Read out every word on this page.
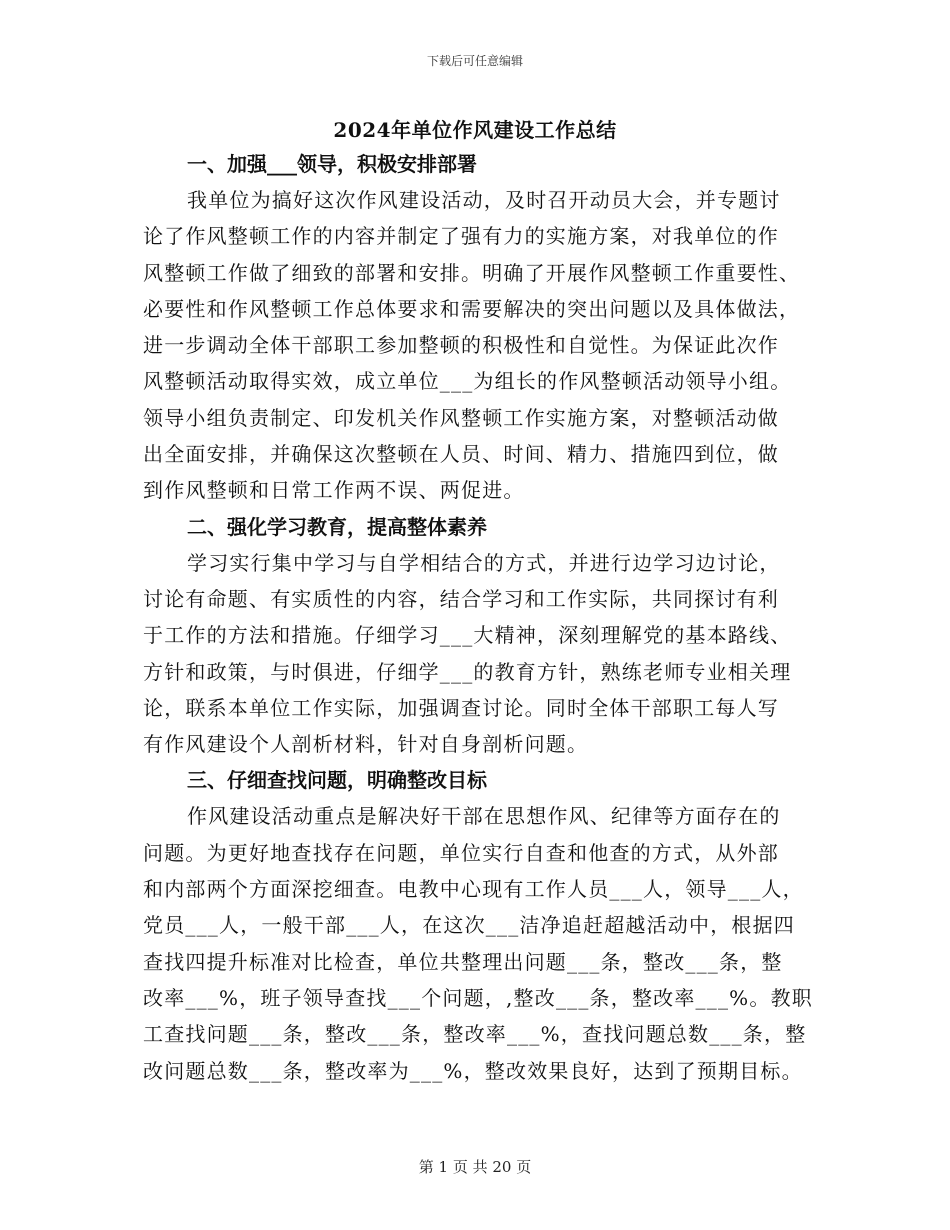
下载后可任意编辑
2024年单位作风建设工作总结
一、加强___领导，积极安排部署
我单位为搞好这次作风建设活动，及时召开动员大会，并专题讨
论了作风整顿工作的内容并制定了强有力的实施方案，对我单位的作
风整顿工作做了细致的部署和安排。明确了开展作风整顿工作重要性、
必要性和作风整顿工作总体要求和需要解决的突出问题以及具体做法，
进一步调动全体干部职工参加整顿的积极性和自觉性。为保证此次作
风整顿活动取得实效，成立单位___为组长的作风整顿活动领导小组。
领导小组负责制定、印发机关作风整顿工作实施方案，对整顿活动做
出全面安排，并确保这次整顿在人员、时间、精力、措施四到位，做
到作风整顿和日常工作两不误、两促进。
二、强化学习教育，提高整体素养
学习实行集中学习与自学相结合的方式，并进行边学习边讨论，
讨论有命题、有实质性的内容，结合学习和工作实际，共同探讨有利
于工作的方法和措施。仔细学习___大精神，深刻理解党的基本路线、
方针和政策，与时俱进，仔细学___的教育方针，熟练老师专业相关理
论，联系本单位工作实际，加强调查讨论。同时全体干部职工每人写
有作风建设个人剖析材料，针对自身剖析问题。
三、仔细查找问题，明确整改目标
作风建设活动重点是解决好干部在思想作风、纪律等方面存在的
问题。为更好地查找存在问题，单位实行自查和他查的方式，从外部
和内部两个方面深挖细查。电教中心现有工作人员___人，领导___人，
党员___人，一般干部___人，在这次___洁净追赶超越活动中，根据四
查找四提升标准对比检查，单位共整理出问题___条，整改___条，整
改率___%，班子领导查找___个问题，,整改___条，整改率___%。教职
工查找问题___条，整改___条，整改率___%，查找问题总数___条，整
改问题总数___条，整改率为___%，整改效果良好，达到了预期目标。
第 1 页 共 20 页
